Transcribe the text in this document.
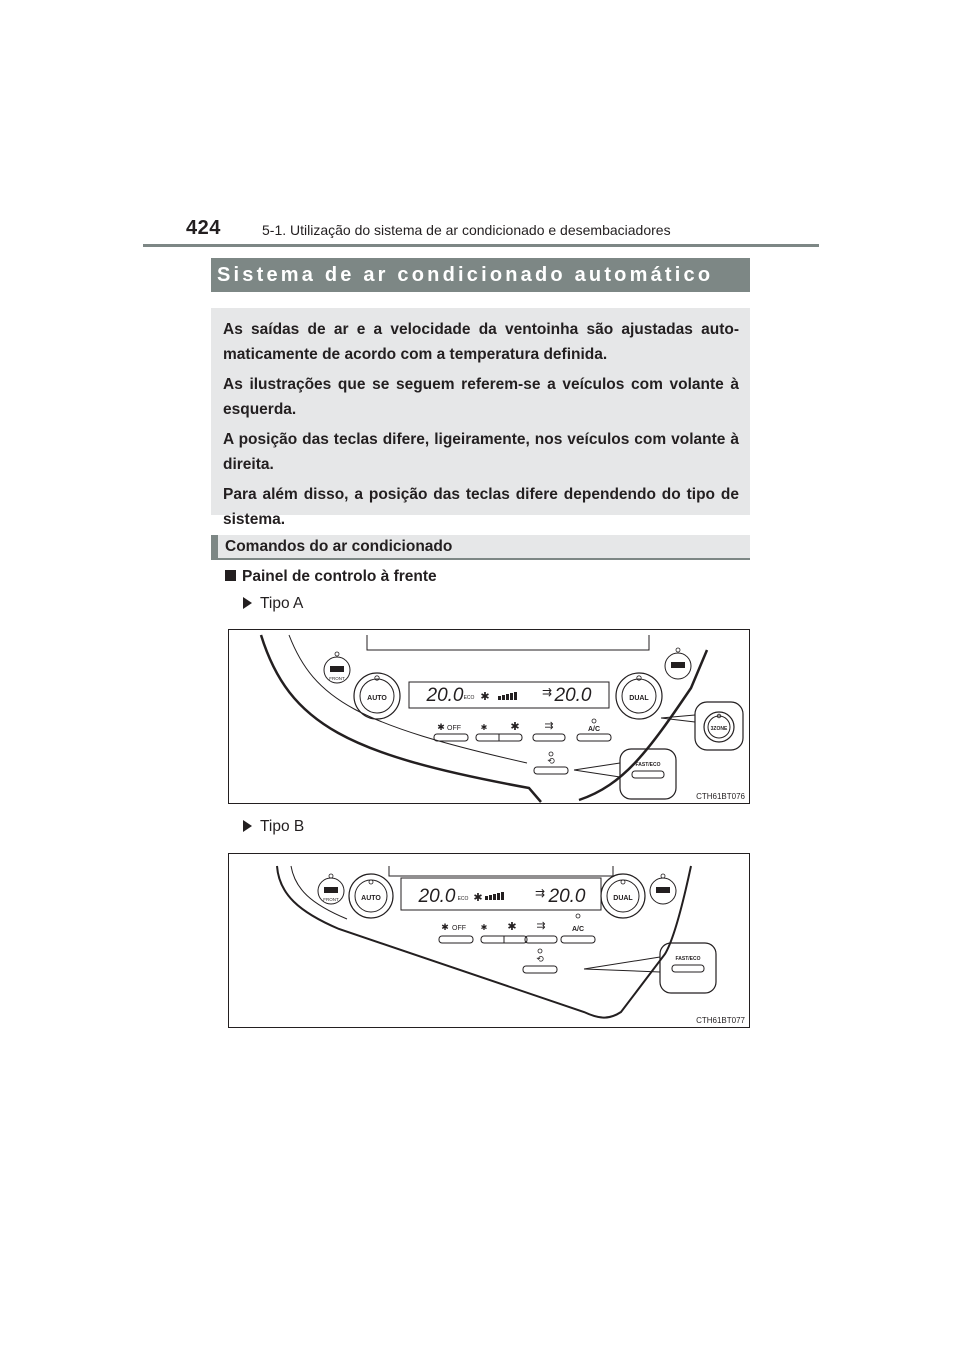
424	5-1. Utilização do sistema de ar condicionado e desembaciadores
Sistema de ar condicionado automático

As saídas de ar e a velocidade da ventoinha são ajustadas auto-maticamente de acordo com a temperatura definida.

As ilustrações que se seguem referem-se a veículos com volante à esquerda.

A posição das teclas difere, ligeiramente, nos veículos com volante à direita.

Para além disso, a posição das teclas difere dependendo do tipo de sistema.

Comandos do ar condicionado
Painel de controlo à frente
Tipo A
20.0	20.0
ECO ✱	⇉
FRONT
AUTO	DUAL
OFF
✱	✱ ✱ ⇉	A/C
⟲
3ZONE
FAST/ECO
CTH61BT076
Tipo B
20.0	20.0
ECO ✱	⇉
FRONT	AUTO	DUAL
OFF
✱	✱ ✱ ⇉	A/C
⟲	FAST/ECO
CTH61BT077
